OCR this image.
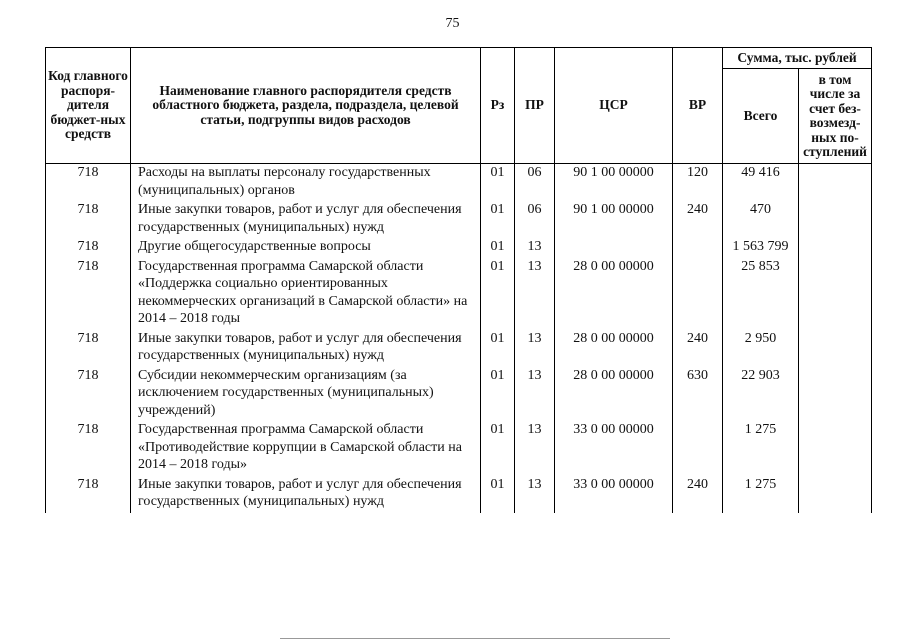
75
Код главного распоря-дителя бюджет-ных средств	Наименование главного распорядителя средств областного бюджета, раздела, подраздела, целевой статьи, подгруппы видов расходов	Рз	ПР	ЦСР	ВР	Сумма, тыс. рублей	
						Всего	в том числе за счет без-возмезд-ных по-ступлений
718	Расходы на выплаты персоналу государственных (муниципальных) органов	01	06	90 1 00 00000	120	49 416	
718	Иные закупки товаров, работ и услуг для обеспечения государственных (муниципальных) нужд	01	06	90 1 00 00000	240	470	
718	Другие общегосударственные вопросы	01	13			1 563 799	
718	Государственная программа Самарской области «Поддержка социально ориентированных некоммерческих организаций в Самарской области» на 2014 – 2018 годы	01	13	28 0 00 00000		25 853	
718	Иные закупки товаров, работ и услуг для обеспечения государственных (муниципальных) нужд	01	13	28 0 00 00000	240	2 950	
718	Субсидии некоммерческим организациям (за исключением государственных (муниципальных) учреждений)	01	13	28 0 00 00000	630	22 903	
718	Государственная программа Самарской области «Противодействие коррупции в Самарской области на 2014 – 2018 годы»	01	13	33 0 00 00000		1 275	
718	Иные закупки товаров, работ и услуг для обеспечения государственных (муниципальных) нужд	01	13	33 0 00 00000	240	1 275	
